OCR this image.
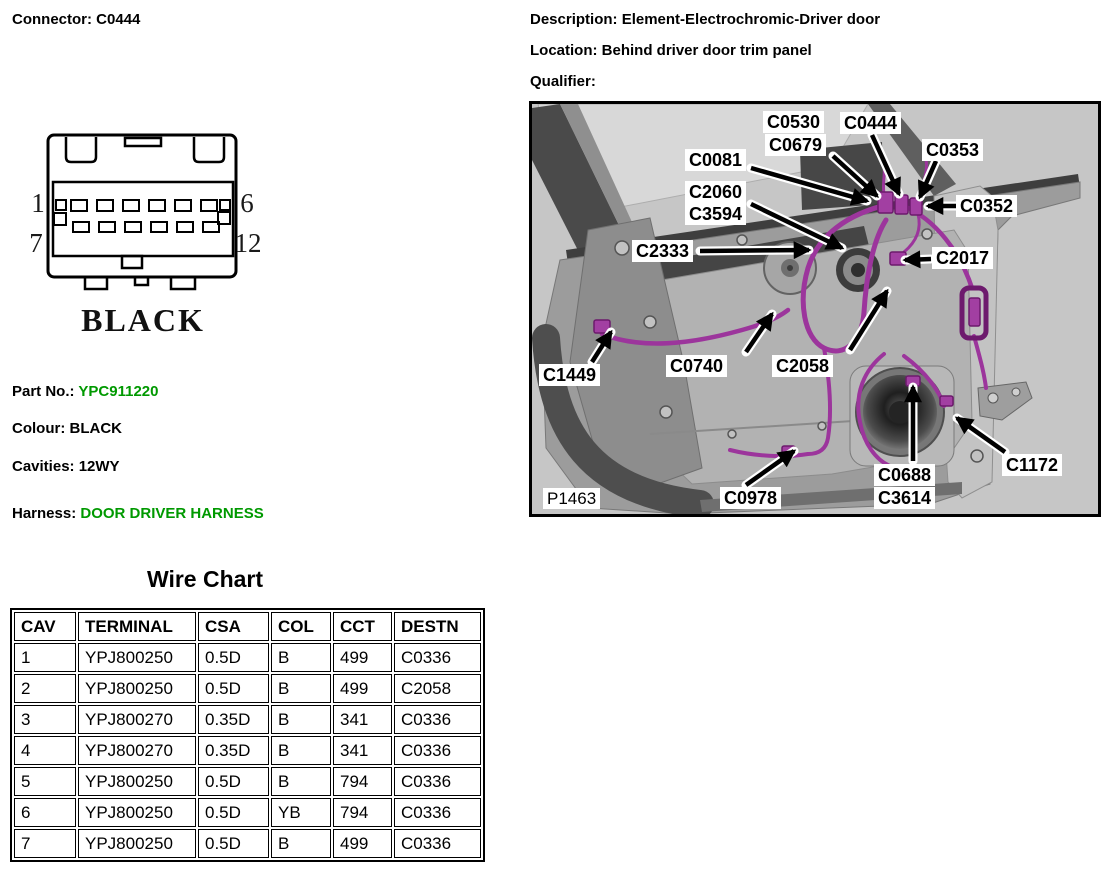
Connector: C0444	Description: Element-Electrochromic-Driver door
Location: Behind driver door trim panel
Qualifier:
1	6
7	12
BLACK
Part No.: YPC911220
Colour: BLACK
Cavities: 12WY
Harness: DOOR DRIVER HARNESS
Wire Chart
CAV	TERMINAL	CSA	COL	CCT	DESTN
1	YPJ800250	0.5D	B	499	C0336
2	YPJ800250	0.5D	B	499	C2058
3	YPJ800270	0.35D	B	341	C0336
4	YPJ800270	0.35D	B	341	C0336
5	YPJ800250	0.5D	B	794	C0336
6	YPJ800250	0.5D	YB	794	C0336
7	YPJ800250	0.5D	B	499	C0336
P1463
C0530
C0679
C0444
C0081	C0353
C0352
C2060
C3594
C2333	C2017
C1449	C0740	C2058
C0688
C3614
C1172
C0978
